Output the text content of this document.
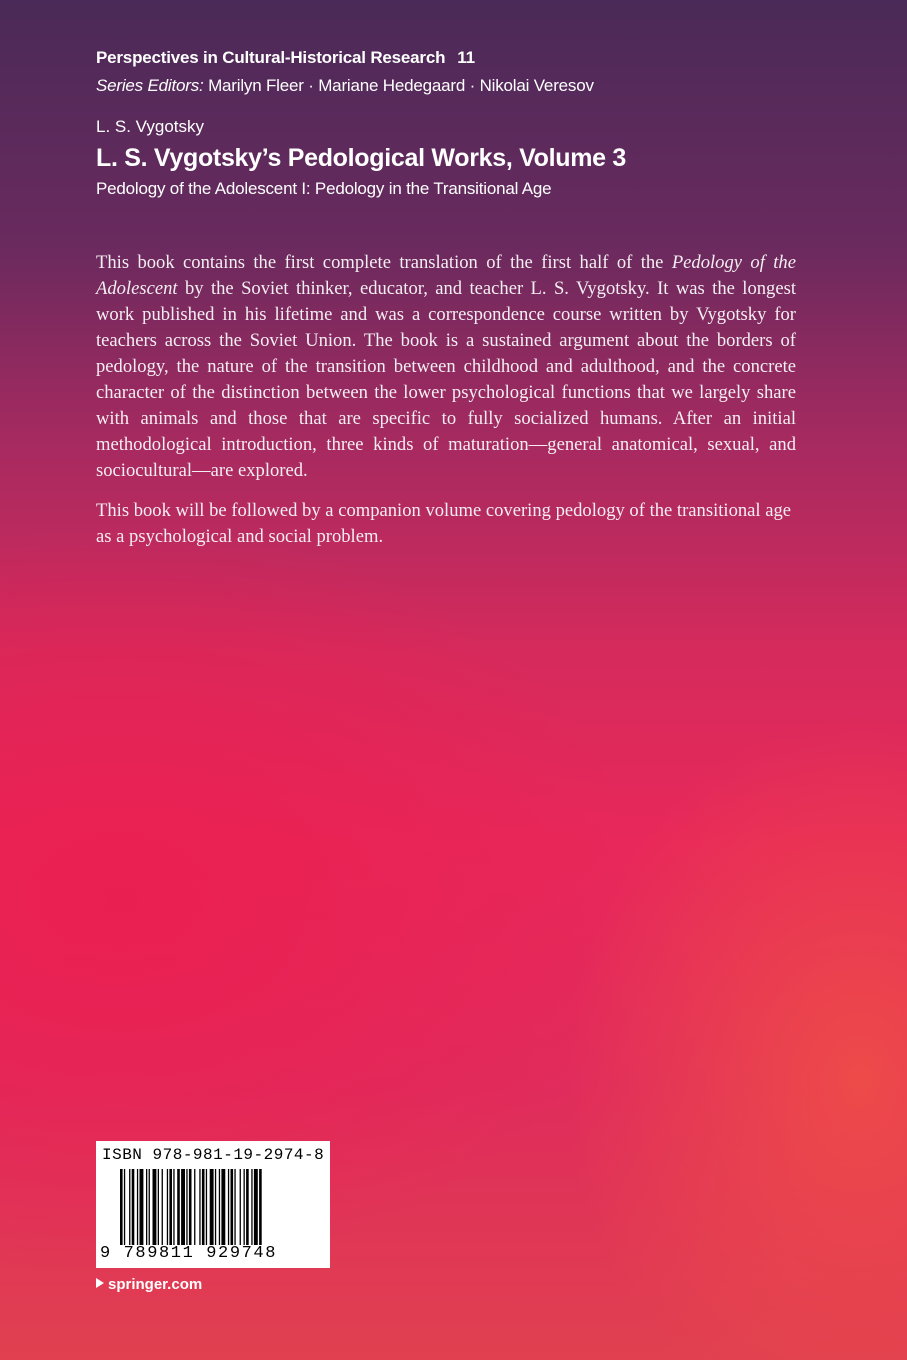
Perspectives in Cultural-Historical Research 11
Series Editors: Marilyn Fleer · Mariane Hedegaard · Nikolai Veresov
L. S. Vygotsky
L. S. Vygotsky’s Pedological Works, Volume 3
Pedology of the Adolescent I: Pedology in the Transitional Age

This book contains the first complete translation of the first half of the Pedology of the Adolescent by the Soviet thinker, educator, and teacher L. S. Vygotsky. It was the longest work published in his lifetime and was a correspondence course written by Vygotsky for teachers across the Soviet Union. The book is a sustained argument about the borders of pedology, the nature of the transition between childhood and adulthood, and the concrete character of the distinction between the lower psychological functions that we largely share with animals and those that are specific to fully socialized humans. After an initial methodological introduction, three kinds of maturation—general anatomical, sexual, and sociocultural—are explored.

This book will be followed by a companion volume covering pedology of the transitional age as a psychological and social problem.

ISBN 978-981-19-2974-8
9 789811 929748
springer.com
